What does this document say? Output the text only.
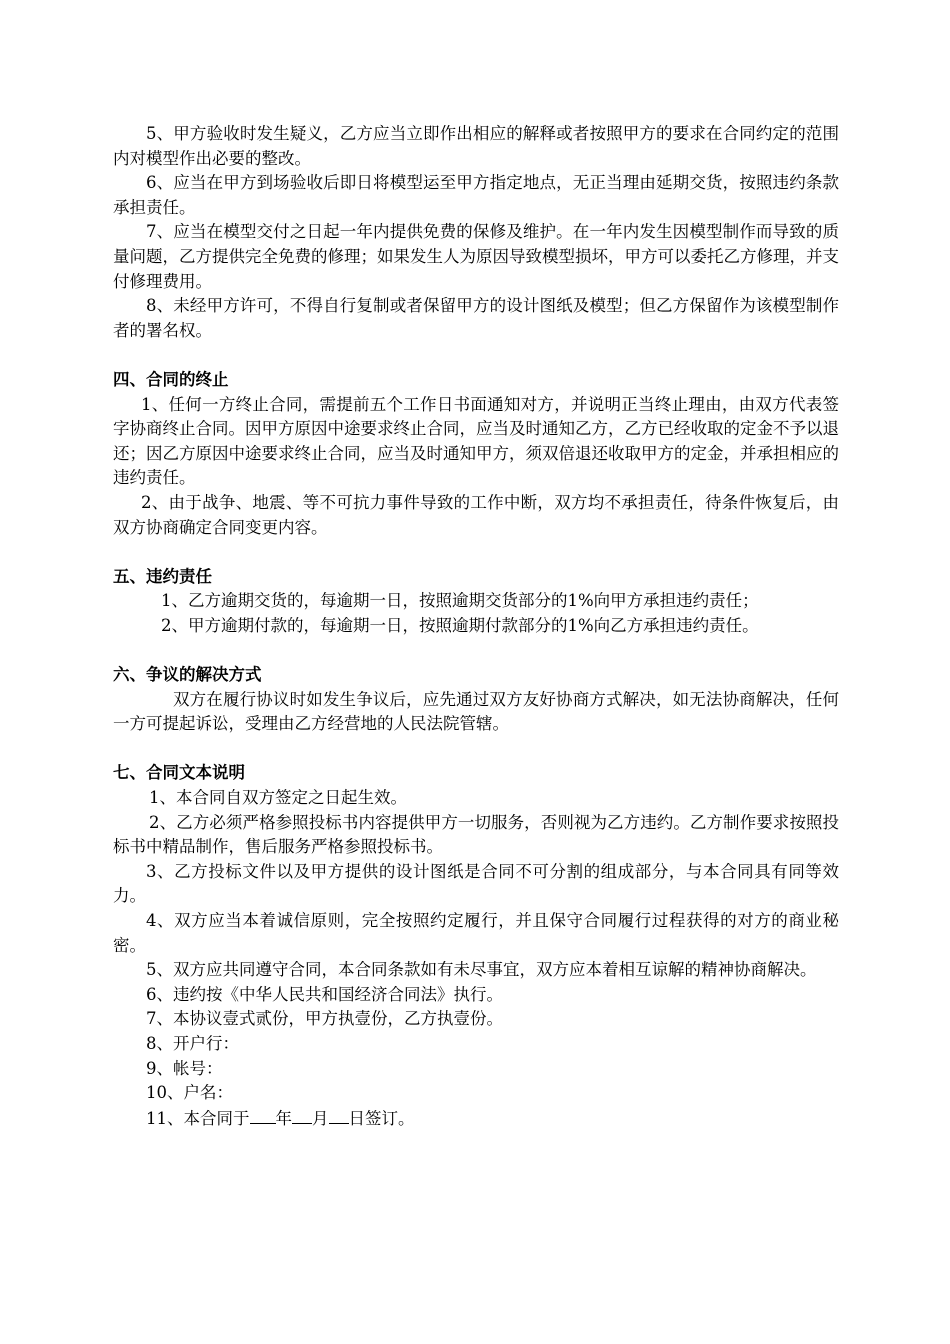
5、甲方验收时发生疑义，乙方应当立即作出相应的解释或者按照甲方的要求在合同约定的范围内对模型作出必要的整改。

6、应当在甲方到场验收后即日将模型运至甲方指定地点，无正当理由延期交货，按照违约条款承担责任。

7、应当在模型交付之日起一年内提供免费的保修及维护。在一年内发生因模型制作而导致的质量问题，乙方提供完全免费的修理；如果发生人为原因导致模型损坏，甲方可以委托乙方修理，并支付修理费用。

8、未经甲方许可，不得自行复制或者保留甲方的设计图纸及模型；但乙方保留作为该模型制作者的署名权。

四、合同的终止

1、任何一方终止合同，需提前五个工作日书面通知对方，并说明正当终止理由，由双方代表签字协商终止合同。因甲方原因中途要求终止合同，应当及时通知乙方，乙方已经收取的定金不予以退还；因乙方原因中途要求终止合同，应当及时通知甲方，须双倍退还收取甲方的定金，并承担相应的违约责任。

2、由于战争、地震、等不可抗力事件导致的工作中断，双方均不承担责任，待条件恢复后，由双方协商确定合同变更内容。

五、违约责任

1、乙方逾期交货的，每逾期一日，按照逾期交货部分的1%向甲方承担违约责任；

2、甲方逾期付款的，每逾期一日，按照逾期付款部分的1%向乙方承担违约责任。

六、争议的解决方式

双方在履行协议时如发生争议后，应先通过双方友好协商方式解决，如无法协商解决，任何一方可提起诉讼，受理由乙方经营地的人民法院管辖。

七、合同文本说明

1、本合同自双方签定之日起生效。

2、乙方必须严格参照投标书内容提供甲方一切服务，否则视为乙方违约。乙方制作要求按照投标书中精品制作，售后服务严格参照投标书。

3、乙方投标文件以及甲方提供的设计图纸是合同不可分割的组成部分，与本合同具有同等效力。

4、双方应当本着诚信原则，完全按照约定履行，并且保守合同履行过程获得的对方的商业秘密。

5、双方应共同遵守合同，本合同条款如有未尽事宜，双方应本着相互谅解的精神协商解决。

6、违约按《中华人民共和国经济合同法》执行。

7、本协议壹式贰份，甲方执壹份，乙方执壹份。

8、开户行：

9、帐号：

10、户名：

11、本合同于 年 月 日签订。
